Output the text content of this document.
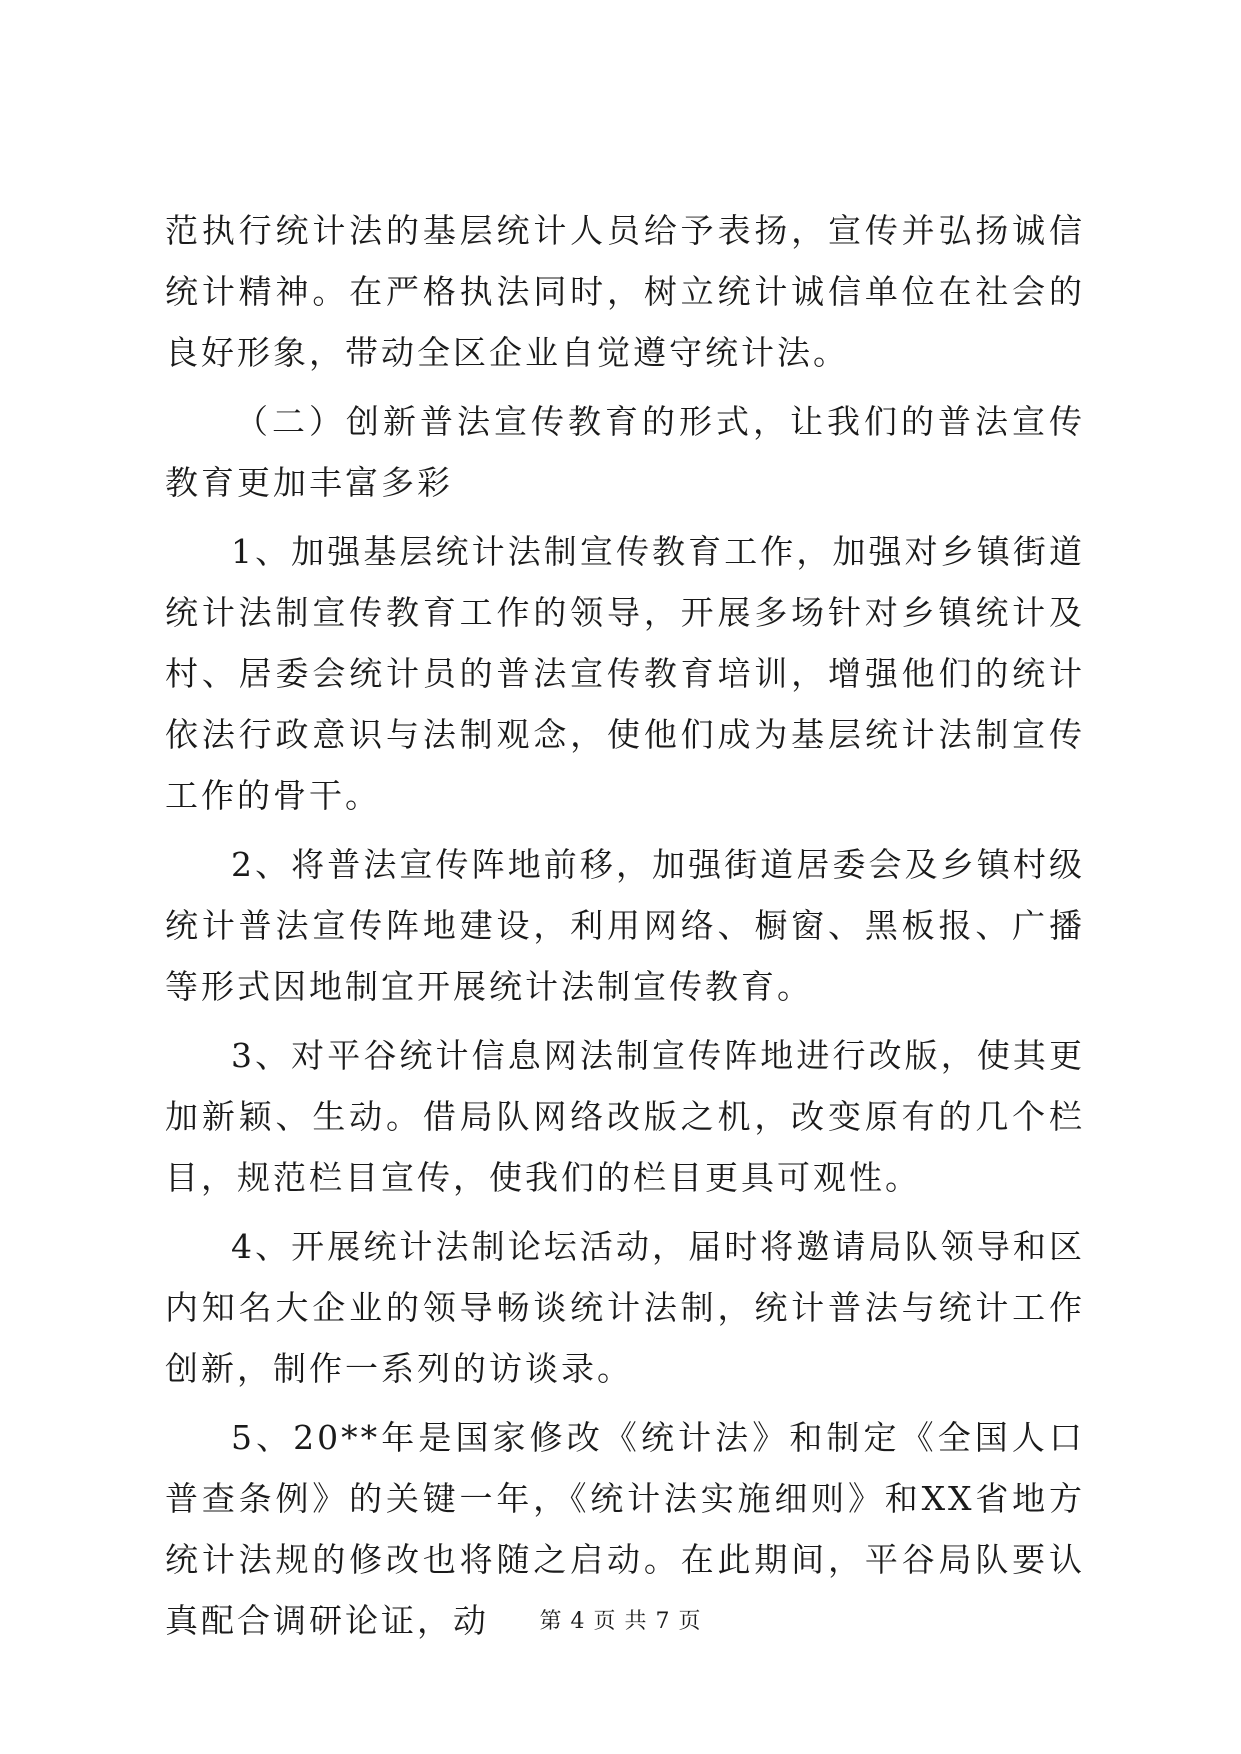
范执行统计法的基层统计人员给予表扬，宣传并弘扬诚信统计精神。在严格执法同时，树立统计诚信单位在社会的良好形象，带动全区企业自觉遵守统计法。

（二）创新普法宣传教育的形式，让我们的普法宣传教育更加丰富多彩

1、加强基层统计法制宣传教育工作，加强对乡镇街道统计法制宣传教育工作的领导，开展多场针对乡镇统计及村、居委会统计员的普法宣传教育培训，增强他们的统计依法行政意识与法制观念，使他们成为基层统计法制宣传工作的骨干。

2、将普法宣传阵地前移，加强街道居委会及乡镇村级统计普法宣传阵地建设，利用网络、橱窗、黑板报、广播等形式因地制宜开展统计法制宣传教育。

3、对平谷统计信息网法制宣传阵地进行改版，使其更加新颖、生动。借局队网络改版之机，改变原有的几个栏目，规范栏目宣传，使我们的栏目更具可观性。

4、开展统计法制论坛活动，届时将邀请局队领导和区内知名大企业的领导畅谈统计法制，统计普法与统计工作创新，制作一系列的访谈录。

5、20**年是国家修改《统计法》和制定《全国人口普查条例》的关键一年，《统计法实施细则》和XX省地方统计法规的修改也将随之启动。在此期间，平谷局队要认真配合调研论证，动	第 4 页 共 7 页
